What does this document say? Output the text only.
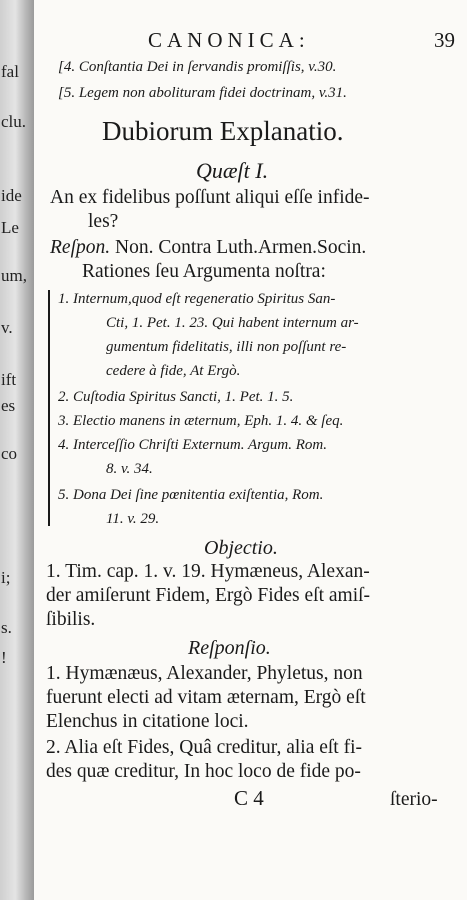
fal
clu.
ide
Le
um,
v.
ift
es
co
i;
s.
!
CANONICA:	39
[4. Conſtantia Dei in ſervandis promiſſis, v.30.
[5. Legem non abolituram fidei doctrinam, v.31.
Dubiorum Explanatio.
Quæſt I.
An ex fidelibus poſſunt aliqui eſſe infide-
les?
Reſpon. Non. Contra Luth.Armen.Socin.
Rationes ſeu Argumenta noſtra:
1. Internum,quod eſt regeneratio Spiritus San-
Cti, 1. Pet. 1. 23. Qui habent internum ar-
gumentum fidelitatis, illi non poſſunt re-
cedere à fide, At Ergò.
2. Cuſtodia Spiritus Sancti, 1. Pet. 1. 5.
3. Electio manens in æternum, Eph. 1. 4. & ſeq.
4. Interceſſio Chriſti Externum. Argum. Rom.
8. v. 34.
5. Dona Dei ſine pœnitentia exiſtentia, Rom.
11. v. 29.
Objectio.
1. Tim. cap. 1. v. 19. Hymæneus, Alexan-
der amiſerunt Fidem, Ergò Fides eſt amiſ-
ſibilis.
Reſponſio.
1. Hymænæus, Alexander, Phyletus, non
fuerunt electi ad vitam æternam, Ergò eſt
Elenchus in citatione loci.
2. Alia eſt Fides, Quâ creditur, alia eſt fi-
des quæ creditur, In hoc loco de fide po-
C 4	ſterio-
